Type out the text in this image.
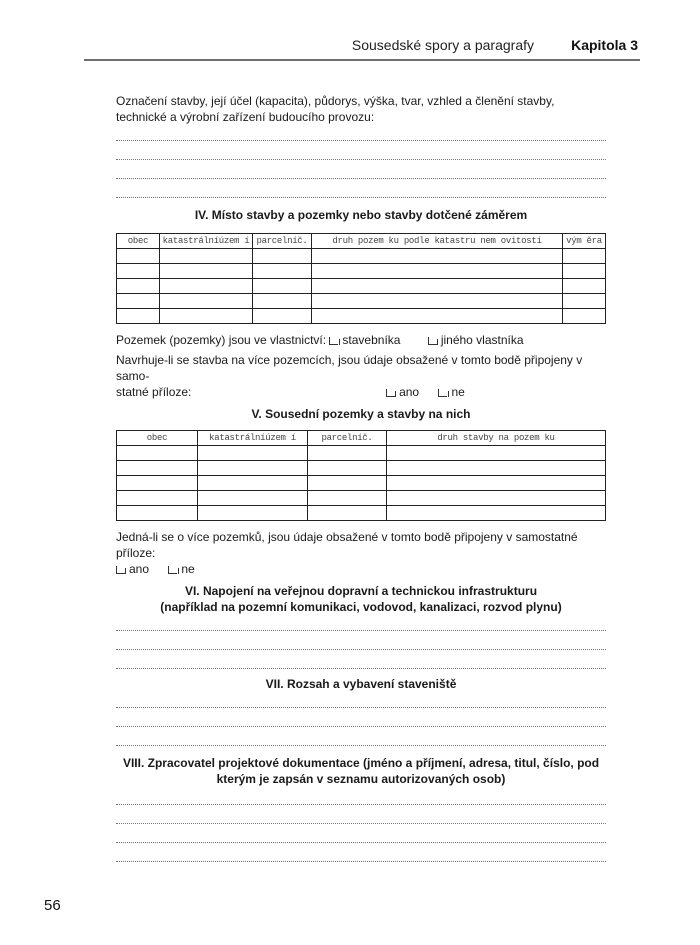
Sousedské spory a paragrafy	Kapitola 3

Označení stavby, její účel (kapacita), půdorys, výška, tvar, vzhled a členění stavby, technické a výrobní zařízení budoucího provozu:

IV. Místo stavby a pozemky nebo stavby dotčené záměrem

obec	katastrálníúzem í	parcelníč.	druh pozem ku podle katastru nem ovitostí	vým ěra

Pozemek (pozemky) jsou ve vlastnictví: stavebníka	jiného vlastníka

Navrhuje-li se stavba na více pozemcích, jsou údaje obsažené v tomto bodě připojeny v samo-
statné příloze:	ano	ne

V. Sousední pozemky a stavby na nich

obec	katastrálníúzem í	parcelníč.	druh stavby na pozem ku

Jedná-li se o více pozemků, jsou údaje obsažené v tomto bodě připojeny v samostatné příloze:
ano	ne

VI. Napojení na veřejnou dopravní a technickou infrastrukturu

(například na pozemní komunikaci, vodovod, kanalizaci, rozvod plynu)

VII. Rozsah a vybavení staveniště

VIII. Zpracovatel projektové dokumentace (jméno a příjmení, adresa, titul, číslo, pod

kterým je zapsán v seznamu autorizovaných osob)

56
